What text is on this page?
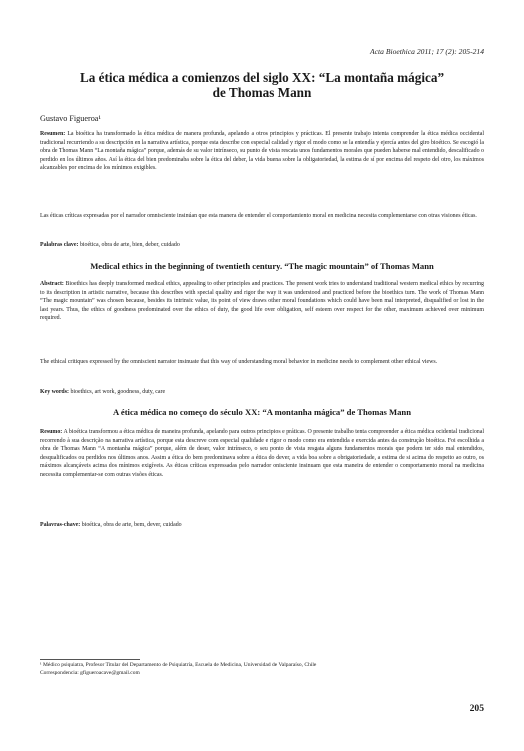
Acta Bioethica 2011; 17 (2): 205-214
La ética médica a comienzos del siglo XX: “La montaña mágica”
de Thomas Mann
Gustavo Figueroa¹

Resumen: La bioética ha transformado la ética médica de manera profunda, apelando a otros principios y prácticas. El presente trabajo intenta comprender la ética médica occidental tradicional recurriendo a su descripción en la narrativa artística, porque esta describe con especial calidad y rigor el modo como se la entendía y ejercía antes del giro bioético. Se escogió la obra de Thomas Mann “La montaña mágica” porque, además de su valor intrínseco, su punto de vista rescata unos fundamentos morales que pueden haberse mal entendido, descalificado o perdido en los últimos años. Así la ética del bien predominaba sobre la ética del deber, la vida buena sobre la obligatoriedad, la estima de sí por encima del respeto del otro, los máximos alcanzables por encima de los mínimos exigibles.

Las éticas críticas expresadas por el narrador omnisciente insinúan que esta manera de entender el comportamiento moral en medicina necesita complementarse con otras visiones éticas.

Palabras clave: bioética, obra de arte, bien, deber, cuidado

Medical ethics in the beginning of twentieth century. “The magic mountain” of Thomas Mann

Abstract: Bioethics has deeply transformed medical ethics, appealing to other principles and practices. The present work tries to understand traditional western medical ethics by recurring to its description in artistic narrative, because this describes with special quality and rigor the way it was understood and practiced before the bioethics turn. The work of Thomas Mann “The magic mountain” was chosen because, besides its intrinsic value, its point of view draws other moral foundations which could have been mal interpreted, disqualified or lost in the last years. Thus, the ethics of goodness predominated over the ethics of duty, the good life over obligation, self esteem over respect for the other, maximum achieved over minimum required.

The ethical critiques expressed by the omniscient narrator insinuate that this way of understanding moral behavior in medicine needs to complement other ethical views.

Key words: bioethics, art work, goodness, duty, care

A ética médica no começo do século XX: “A montanha mágica” de Thomas Mann

Resumo: A bioética transformou a ética médica de maneira profunda, apelando para outros principios e práticas. O presente trabalho tenta compreender a ética médica ocidental tradicional recorrendo à sua descrição na narrativa artística, porque esta descreve com especial qualidade e rigor o modo como era entendida e exercida antes da construção bioética. Foi escolhida a obra de Thomas Mann “A montanha mágica” porque, além de deser, valor intrínseco, o seu ponto de vista resgata alguns fundamentos morais que podem ter sido mal entendidos, desqualificados ou perdidos nos últimos anos. Assim a ética do bem predominava sobre a ética do dever, a vida boa sobre a obrigatoriedade, a estima de si acima do respeito ao outro, os máximos alcançáveis acima dos mínimos exigíveis. As éticas críticas expressadas pelo narrador onisciente insinuam que esta maneira de entender o comportamento moral na medicina necessita complementar-se com outras visões éticas.

Palavras-chave: bioética, obra de arte, bem, dever, cuidado

¹ Médico psiquiatra, Profesor Titular del Departamento de Psiquiatría, Escuela de Medicina, Universidad de Valparaíso, Chile
Correspondencia: gfigueroacave@gmail.com

205
